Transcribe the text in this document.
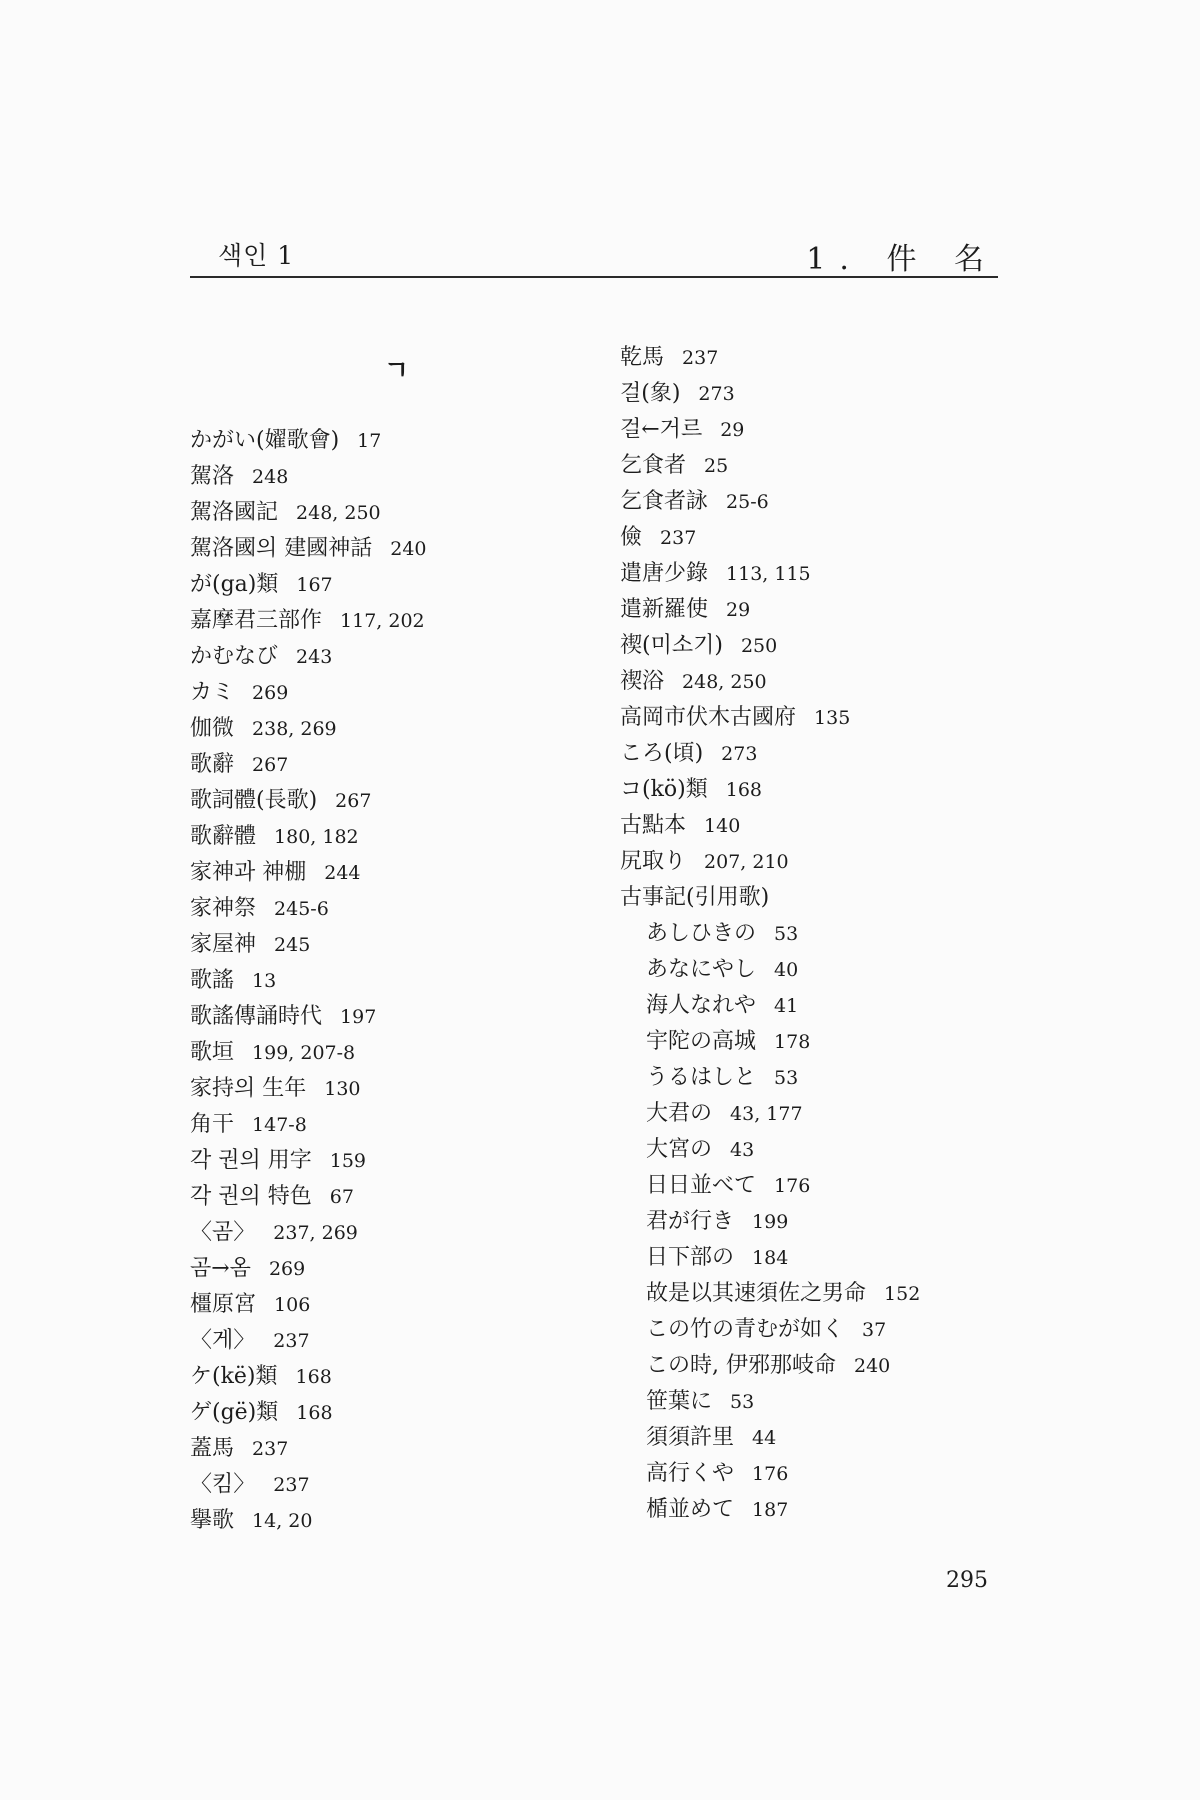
색인 1	1. 件 名
ㄱ
かがい(嬥歌會) 17
駕洛 248
駕洛國記 248, 250
駕洛國의 建國神話 240
が(ga)類 167
嘉摩君三部作 117, 202
かむなび 243
カミ 269
伽微 238, 269
歌辭 267
歌詞體(長歌) 267
歌辭體 180, 182
家神과 神棚 244
家神祭 245-6
家屋神 245
歌謠 13
歌謠傳誦時代 197
歌垣 199, 207-8
家持의 生年 130
角干 147-8
각 권의 用字 159
각 권의 特色 67
〈곰〉 237, 269
곰→옴 269
橿原宮 106
〈게〉 237
ケ(kë)類 168
ゲ(gë)類 168
蓋馬 237
〈킴〉 237
擧歌 14, 20
乾馬 237
걸(象) 273
걸←거르 29
乞食者 25
乞食者詠 25-6
儉 237
遣唐少錄 113, 115
遣新羅使 29
禊(미소기) 250
禊浴 248, 250
高岡市伏木古國府 135
ころ(頃) 273
コ(kö)類 168
古點本 140
尻取り 207, 210
古事記(引用歌)
あしひきの 53
あなにやし 40
海人なれや 41
宇陀の高城 178
うるはしと 53
大君の 43, 177
大宮の 43
日日並べて 176
君が行き 199
日下部の 184
故是以其速須佐之男命 152
この竹の青むが如く 37
この時, 伊邪那岐命 240
笹葉に 53
須須許里 44
高行くや 176
楯並めて 187
295
